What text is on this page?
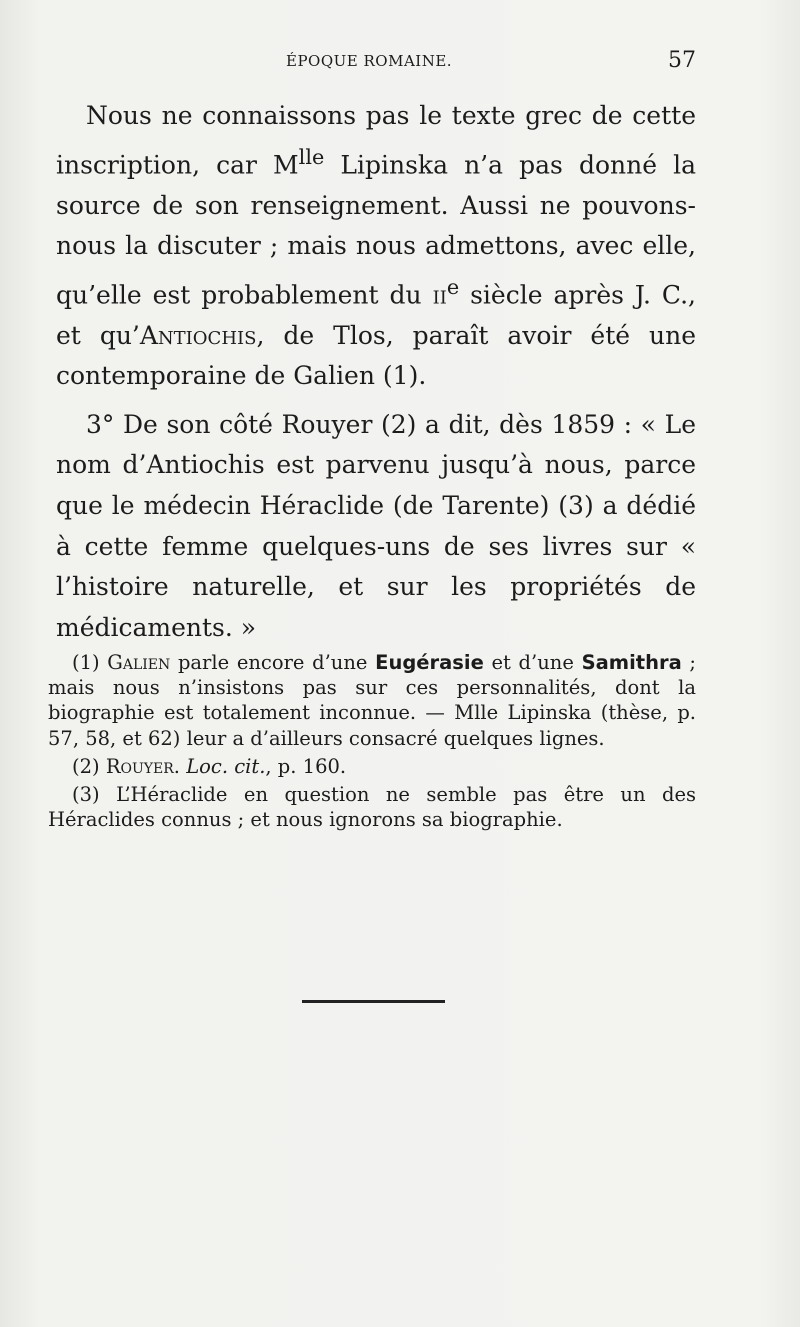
ÉPOQUE ROMAINE.	57

Nous ne connaissons pas le texte grec de cette inscription, car $M^{lle}$ Lipinska n’a pas donné la source de son renseignement. Aussi ne pouvons-nous la discuter ; mais nous admettons, avec elle, qu’elle est probablement du $ii^e$ siècle après J. C., et qu’Antiochis, de Tlos, paraît avoir été une contemporaine de Galien (1).

3° De son côté Rouyer (2) a dit, dès 1859 : « Le nom d’Antiochis est parvenu jusqu’à nous, parce que le médecin Héraclide (de Tarente) (3) a dédié à cette femme quelques-uns de ses livres sur « l’histoire naturelle, et sur les propriétés de médicaments. »

(1) Galien parle encore d’une Eugérasie et d’une Samithra ; mais nous n’insistons pas sur ces personnalités, dont la biographie est totalement inconnue. — Mlle Lipinska (thèse, p. 57, 58, et 62) leur a d’ailleurs consacré quelques lignes.

(2) Rouyer. Loc. cit., p. 160.

(3) L’Héraclide en question ne semble pas être un des Héraclides connus ; et nous ignorons sa biographie.
